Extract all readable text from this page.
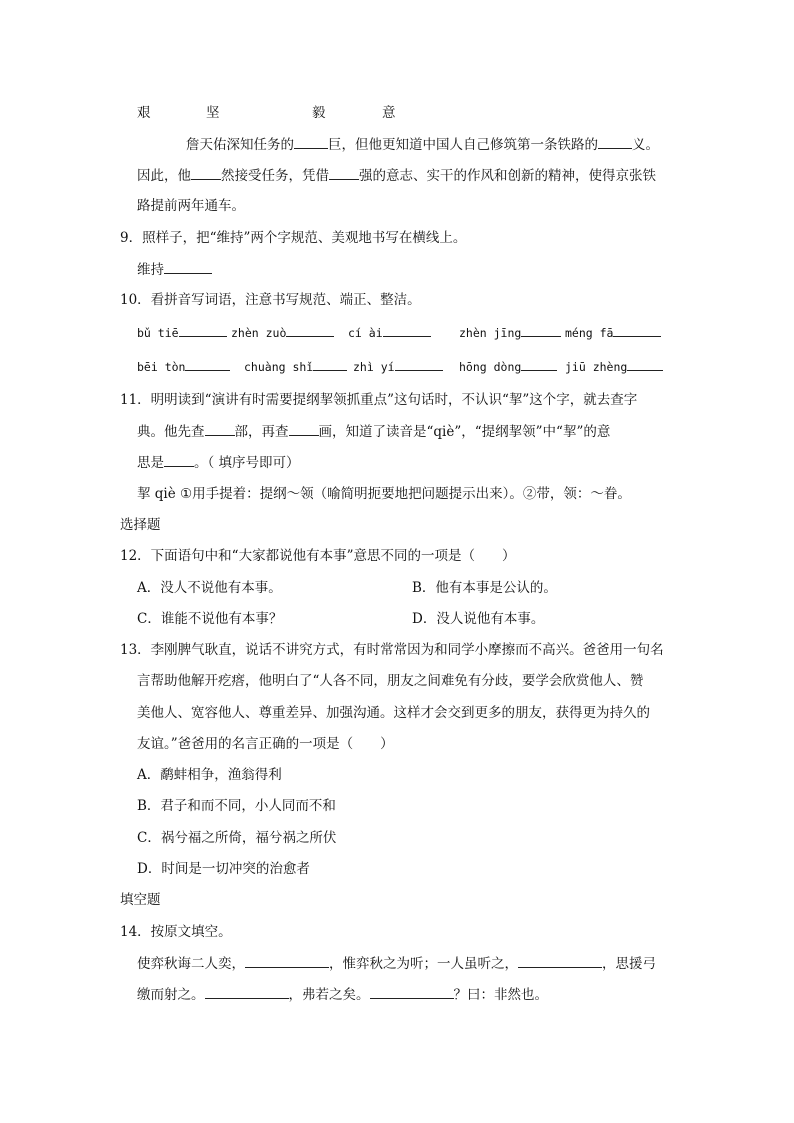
艰	坚	毅	意
詹天佑深知任务的	巨，但他更知道中国人自己修筑第一条铁路的	义。
因此，他 然接受任务，凭借 强的意志、实干的作风和创新的精神，使得京张铁
路提前两年通车。
9．照样子，把“维持”两个字规范、美观地书写在横线上。
维持
10．看拼音写词语，注意书写规范、端正、整洁。
bǔ tiē	zhèn zuò	cí ài	zhèn jīng	méng fā
bēi tòn	chuàng shǐ	zhì yí	hōng dòng	jiū zhèng
11．明明读到“演讲有时需要提纲挈领抓重点”这句话时，不认识“挈”这个字，就去查字
典。他先查 部，再查 画，知道了读音是“qiè”，“提纲挈领”中“挈”的意
思是 。（ 填序号即可）
挈 qiè ①用手提着：提纲～领（喻简明扼要地把问题提示出来）。②带，领：～眷。
选择题
12．下面语句中和“大家都说他有本事”意思不同的一项是（　　）
A．没人不说他有本事。	B．他有本事是公认的。
C．谁能不说他有本事？	D．没人说他有本事。
13．李刚脾气耿直，说话不讲究方式，有时常常因为和同学小摩擦而不高兴。爸爸用一句名
言帮助他解开疙瘩，他明白了“人各不同，朋友之间难免有分歧，要学会欣赏他人、赞
美他人、宽容他人、尊重差异、加强沟通。这样才会交到更多的朋友，获得更为持久的
友谊。”爸爸用的名言正确的一项是（　　）
A．鹬蚌相争，渔翁得利
B．君子和而不同，小人同而不和
C．祸兮福之所倚，福兮祸之所伏
D．时间是一切冲突的治愈者
填空题
14．按原文填空。
使弈秋诲二人奕，	，惟弈秋之为听；一人虽听之，	，思援弓
缴而射之。	，弗若之矣。	？曰：非然也。
